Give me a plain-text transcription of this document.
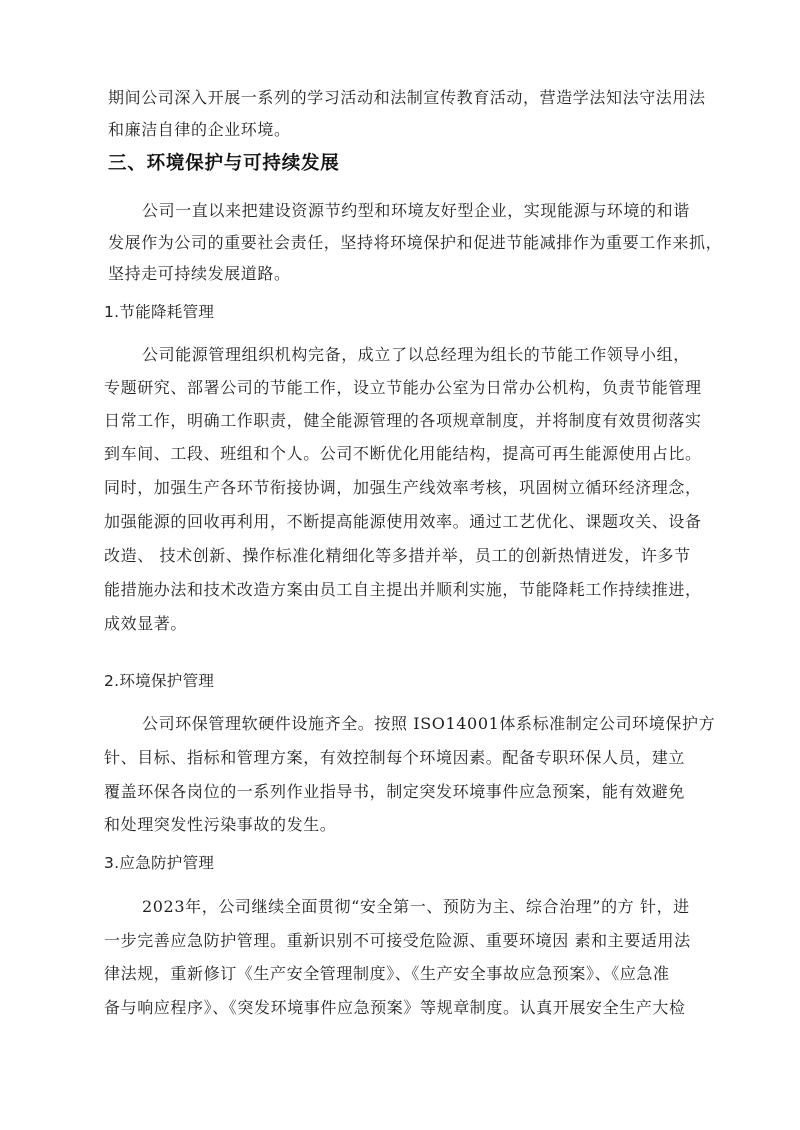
期间公司深入开展一系列的学习活动和法制宣传教育活动，营造学法知法守法用法
和廉洁自律的企业环境。
三、环境保护与可持续发展
公司一直以来把建设资源节约型和环境友好型企业，实现能源与环境的和谐
发展作为公司的重要社会责任，坚持将环境保护和促进节能减排作为重要工作来抓，
坚持走可持续发展道路。
1.节能降耗管理
公司能源管理组织机构完备，成立了以总经理为组长的节能工作领导小组，
专题研究、部署公司的节能工作，设立节能办公室为日常办公机构，负责节能管理
日常工作，明确工作职责，健全能源管理的各项规章制度，并将制度有效贯彻落实
到车间、工段、班组和个人。公司不断优化用能结构，提高可再生能源使用占比。
同时，加强生产各环节衔接协调，加强生产线效率考核，巩固树立循环经济理念，
加强能源的回收再利用，不断提高能源使用效率。通过工艺优化、课题攻关、设备
改造、 技术创新、操作标准化精细化等多措并举，员工的创新热情迸发，许多节
能措施办法和技术改造方案由员工自主提出并顺利实施，节能降耗工作持续推进，
成效显著。
2.环境保护管理
公司环保管理软硬件设施齐全。按照 ISO14001体系标准制定公司环境保护方
针、目标、指标和管理方案，有效控制每个环境因素。配备专职环保人员，建立
覆盖环保各岗位的一系列作业指导书，制定突发环境事件应急预案，能有效避免
和处理突发性污染事故的发生。
3.应急防护管理
2023年，公司继续全面贯彻“安全第一、预防为主、综合治理”的方 针，进
一步完善应急防护管理。重新识别不可接受危险源、重要环境因 素和主要适用法
律法规，重新修订《生产安全管理制度》、《生产安全事故应急预案》、《应急准
备与响应程序》、《突发环境事件应急预案》等规章制度。认真开展安全生产大检
